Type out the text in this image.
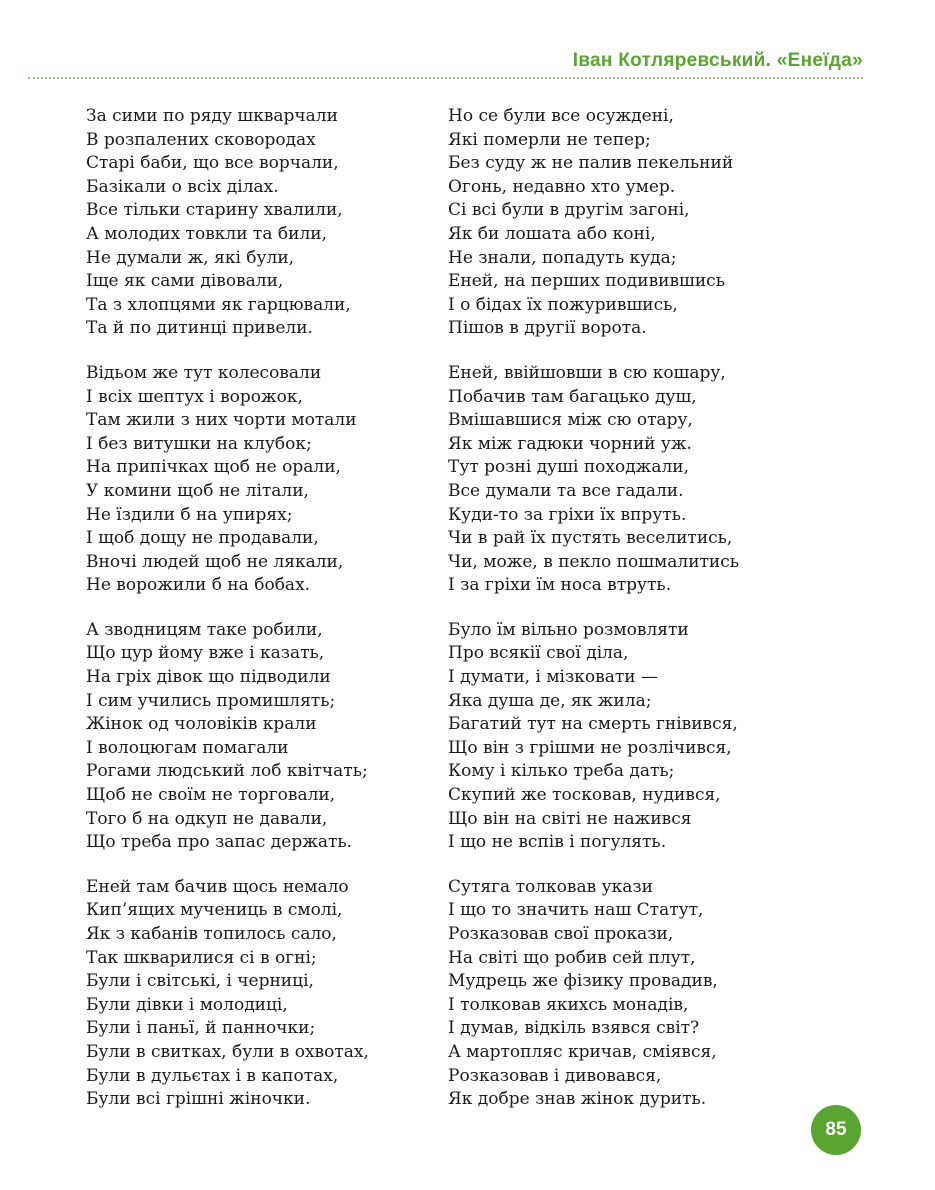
Іван Котляревський. «Енеїда»
За сими по ряду шкварчали
В розпалених сковородах
Старі баби, що все ворчали,
Базікали о всіх ділах.
Все тільки старину хвалили,
А молодих товкли та били,
Не думали ж, які були,
Іще як сами дівовали,
Та з хлопцями як гарцювали,
Та й по дитинці привели.
Відьом же тут колесовали
І всіх шептух і ворожок,
Там жили з них чорти мотали
І без витушки на клубок;
На припічках щоб не орали,
У комини щоб не літали,
Не їздили б на упирях;
І щоб дощу не продавали,
Вночі людей щоб не лякали,
Не ворожили б на бобах.
А зводницям таке робили,
Що цур йому вже і казать,
На гріх дівок що підводили
І сим учились промишлять;
Жінок од чоловіків крали
І волоцюгам помагали
Рогами людський лоб квітчать;
Щоб не своїм не торговали,
Того б на одкуп не давали,
Що треба про запас держать.
Еней там бачив щось немало
Кип’ящих мучениць в смолі,
Як з кабанів топилось сало,
Так шкварилися сі в огні;
Були і світські, і черниці,
Були дівки і молодиці,
Були і паньї, й панночки;
Були в свитках, були в охвотах,
Були в дульєтах і в капотах,
Були всі грішні жіночки.
Но се були все осуждені,
Які померли не тепер;
Без суду ж не палив пекельний
Огонь, недавно хто умер.
Сі всі були в другім загоні,
Як би лошата або коні,
Не знали, попадуть куда;
Еней, на перших подивившись
І о бідах їх пожурившись,
Пішов в другії ворота.
Еней, ввійшовши в сю кошару,
Побачив там багацько душ,
Вмішавшися між сю отару,
Як між гадюки чорний уж.
Тут розні душі походжали,
Все думали та все гадали.
Куди-то за гріхи їх впруть.
Чи в рай їх пустять веселитись,
Чи, може, в пекло пошмалитись
І за гріхи їм носа втруть.
Було їм вільно розмовляти
Про всякії свої діла,
І думати, і мізковати —
Яка душа де, як жила;
Багатий тут на смерть гнівився,
Що він з грішми не розлічився,
Кому і кілько треба дать;
Скупий же тосковав, нудився,
Що він на світі не нажився
І що не вспів і погулять.
Сутяга толковав укази
І що то значить наш Статут,
Розказовав свої прокази,
На світі що робив сей плут,
Мудрець же фізику провадив,
І толковав якихсь монадів,
І думав, відкіль взявся світ?
А мартопляс кричав, сміявся,
Розказовав і дивовався,
Як добре знав жінок дурить.
85
